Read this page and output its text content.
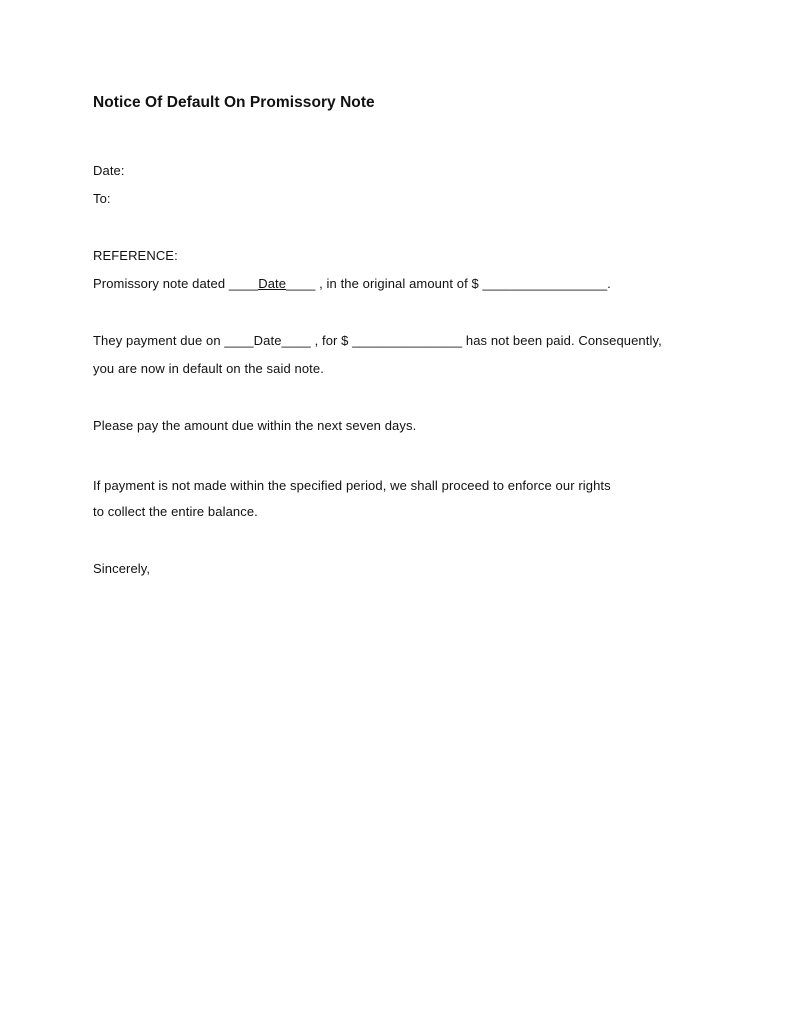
Notice Of Default On Promissory Note
Date:
To:
REFERENCE:
Promissory note dated ____Date____ , in the original amount of $ _________________.
They payment due on ____Date____ , for $ _______________ has not been paid. Consequently,
you are now in default on the said note.
Please pay the amount due within the next seven days.
If payment is not made within the specified period, we shall proceed to enforce our rights
to collect the entire balance.
Sincerely,
